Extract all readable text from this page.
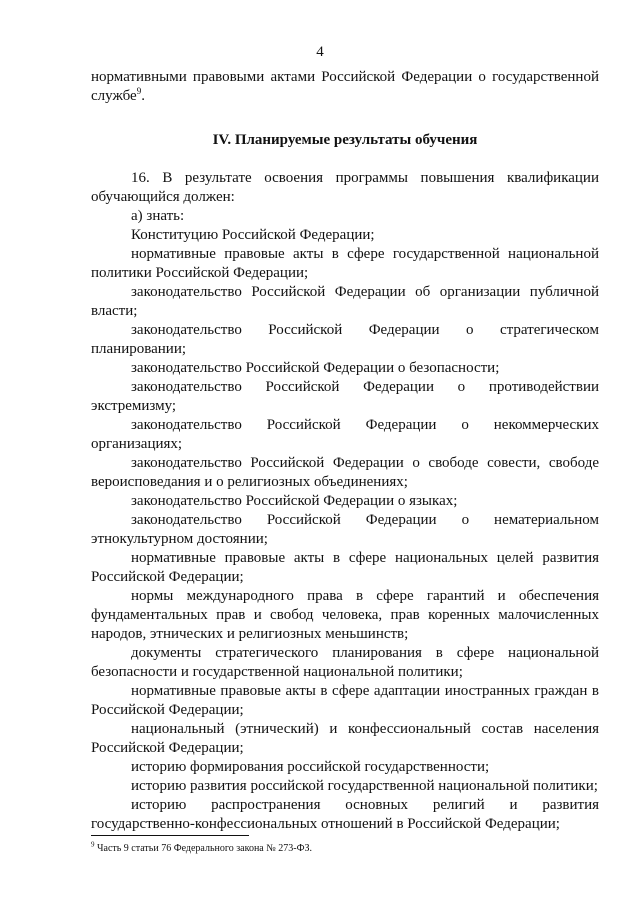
4

нормативными правовыми актами Российской Федерации о государственной службе$^9$.

IV. Планируемые результаты обучения

16. В результате освоения программы повышения квалификации обучающийся должен:

а) знать:

Конституцию Российской Федерации;

нормативные правовые акты в сфере государственной национальной политики Российской Федерации;

законодательство Российской Федерации об организации публичной власти;

законодательство Российской Федерации о стратегическом планировании;

законодательство Российской Федерации о безопасности;

законодательство Российской Федерации о противодействии экстремизму;

законодательство Российской Федерации о некоммерческих организациях;

законодательство Российской Федерации о свободе совести, свободе вероисповедания и о религиозных объединениях;

законодательство Российской Федерации о языках;

законодательство Российской Федерации о нематериальном этнокультурном достоянии;

нормативные правовые акты в сфере национальных целей развития Российской Федерации;

нормы международного права в сфере гарантий и обеспечения фундаментальных прав и свобод человека, прав коренных малочисленных народов, этнических и религиозных меньшинств;

документы стратегического планирования в сфере национальной безопасности и государственной национальной политики;

нормативные правовые акты в сфере адаптации иностранных граждан в Российской Федерации;

национальный (этнический) и конфессиональный состав населения Российской Федерации;

историю формирования российской государственности;

историю развития российской государственной национальной политики;

историю распространения основных религий и развития государственно-конфессиональных отношений в Российской Федерации;

$^9$ Часть 9 статьи 76 Федерального закона № 273-ФЗ.
